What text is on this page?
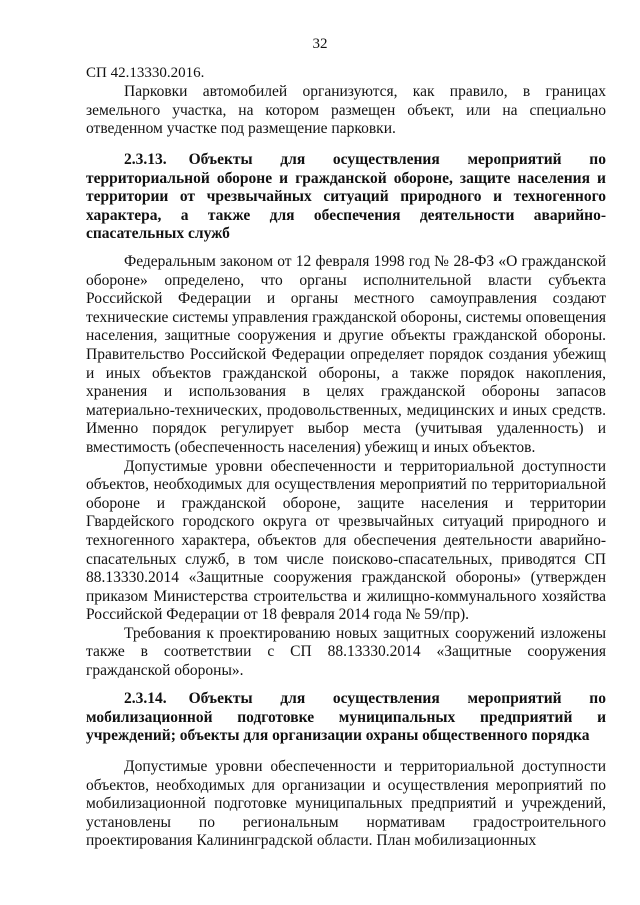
32
СП 42.13330.2016.

Парковки автомобилей организуются, как правило, в границах земельного участка, на котором размещен объект, или на специально отведенном участке под размещение парковки.

2.3.13. Объекты для осуществления мероприятий по территориальной обороне и гражданской обороне, защите населения и территории от чрезвычайных ситуаций природного и техногенного характера, а также для обеспечения деятельности аварийно-спасательных служб

Федеральным законом от 12 февраля 1998 год № 28-ФЗ «О гражданской обороне» определено, что органы исполнительной власти субъекта Российской Федерации и органы местного самоуправления создают технические системы управления гражданской обороны, системы оповещения населения, защитные сооружения и другие объекты гражданской обороны. Правительство Российской Федерации определяет порядок создания убежищ и иных объектов гражданской обороны, а также порядок накопления, хранения и использования в целях гражданской обороны запасов материально-технических, продовольственных, медицинских и иных средств. Именно порядок регулирует выбор места (учитывая удаленность) и вместимость (обеспеченность населения) убежищ и иных объектов.

Допустимые уровни обеспеченности и территориальной доступности объектов, необходимых для осуществления мероприятий по территориальной обороне и гражданской обороне, защите населения и территории Гвардейского городского округа от чрезвычайных ситуаций природного и техногенного характера, объектов для обеспечения деятельности аварийно-спасательных служб, в том числе поисково-спасательных, приводятся СП 88.13330.2014 «Защитные сооружения гражданской обороны» (утвержден приказом Министерства строительства и жилищно-коммунального хозяйства Российской Федерации от 18 февраля 2014 года № 59/пр).

Требования к проектированию новых защитных сооружений изложены также в соответствии с СП 88.13330.2014 «Защитные сооружения гражданской обороны».

2.3.14. Объекты для осуществления мероприятий по мобилизационной подготовке муниципальных предприятий и учреждений; объекты для организации охраны общественного порядка

Допустимые уровни обеспеченности и территориальной доступности объектов, необходимых для организации и осуществления мероприятий по мобилизационной подготовке муниципальных предприятий и учреждений, установлены по региональным нормативам градостроительного проектирования Калининградской области. План мобилизационных
